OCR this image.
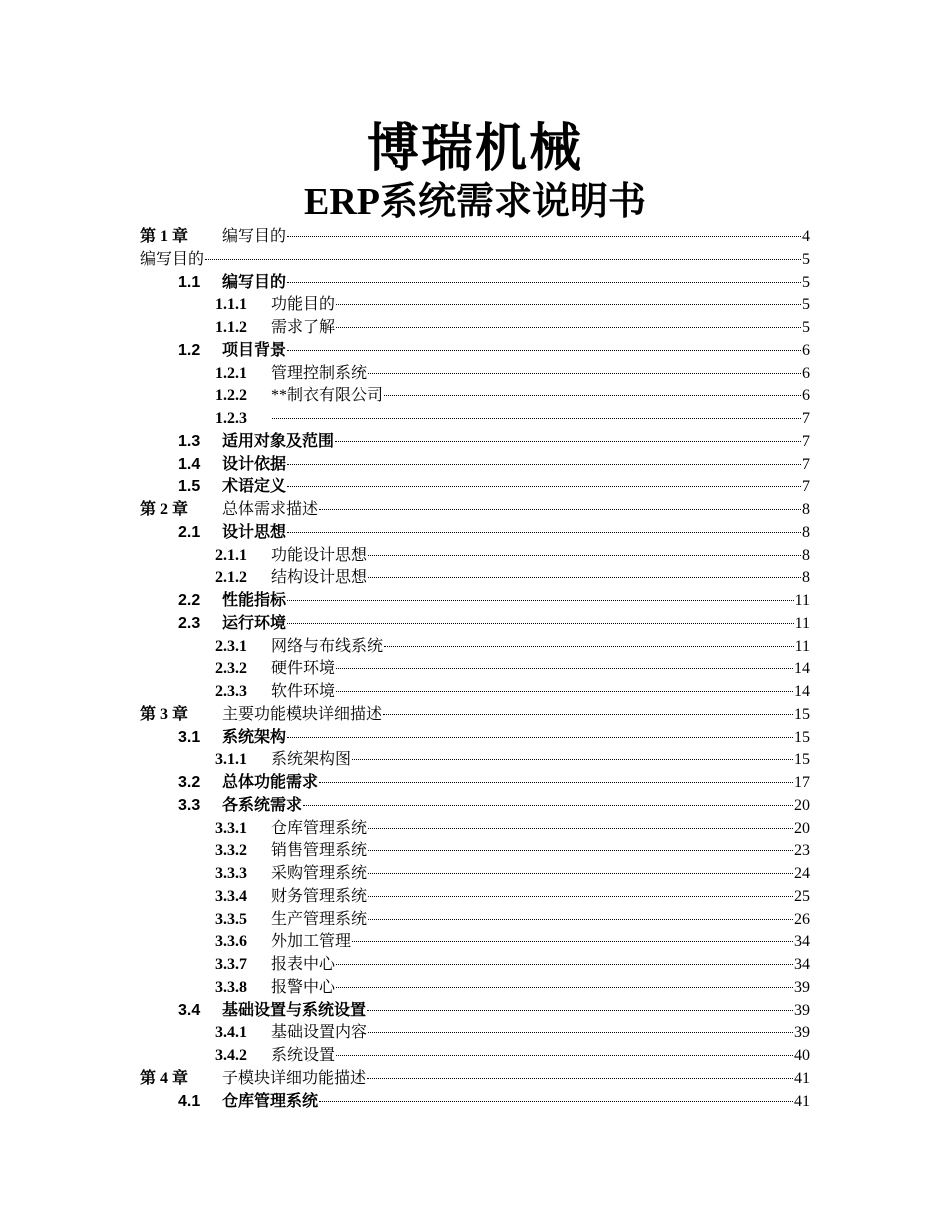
博瑞机械
ERP系统需求说明书
第 1 章	编写目的	4
编写目的	5
1.1	编写目的	5
1.1.1	功能目的	5
1.1.2	需求了解	5
1.2	项目背景	6
1.2.1	管理控制系统	6
1.2.2	**制衣有限公司	6
1.2.3	7
1.3	适用对象及范围	7
1.4	设计依据	7
1.5	术语定义	7
第 2 章	总体需求描述	8
2.1	设计思想	8
2.1.1	功能设计思想	8
2.1.2	结构设计思想	8
2.2	性能指标	11
2.3	运行环境	11
2.3.1	网络与布线系统	11
2.3.2	硬件环境	14
2.3.3	软件环境	14
第 3 章	主要功能模块详细描述	15
3.1	系统架构	15
3.1.1	系统架构图	15
3.2	总体功能需求	17
3.3	各系统需求	20
3.3.1	仓库管理系统	20
3.3.2	销售管理系统	23
3.3.3	采购管理系统	24
3.3.4	财务管理系统	25
3.3.5	生产管理系统	26
3.3.6	外加工管理	34
3.3.7	报表中心	34
3.3.8	报警中心	39
3.4	基础设置与系统设置	39
3.4.1	基础设置内容	39
3.4.2	系统设置	40
第 4 章	子模块详细功能描述	41
4.1	仓库管理系统	41
